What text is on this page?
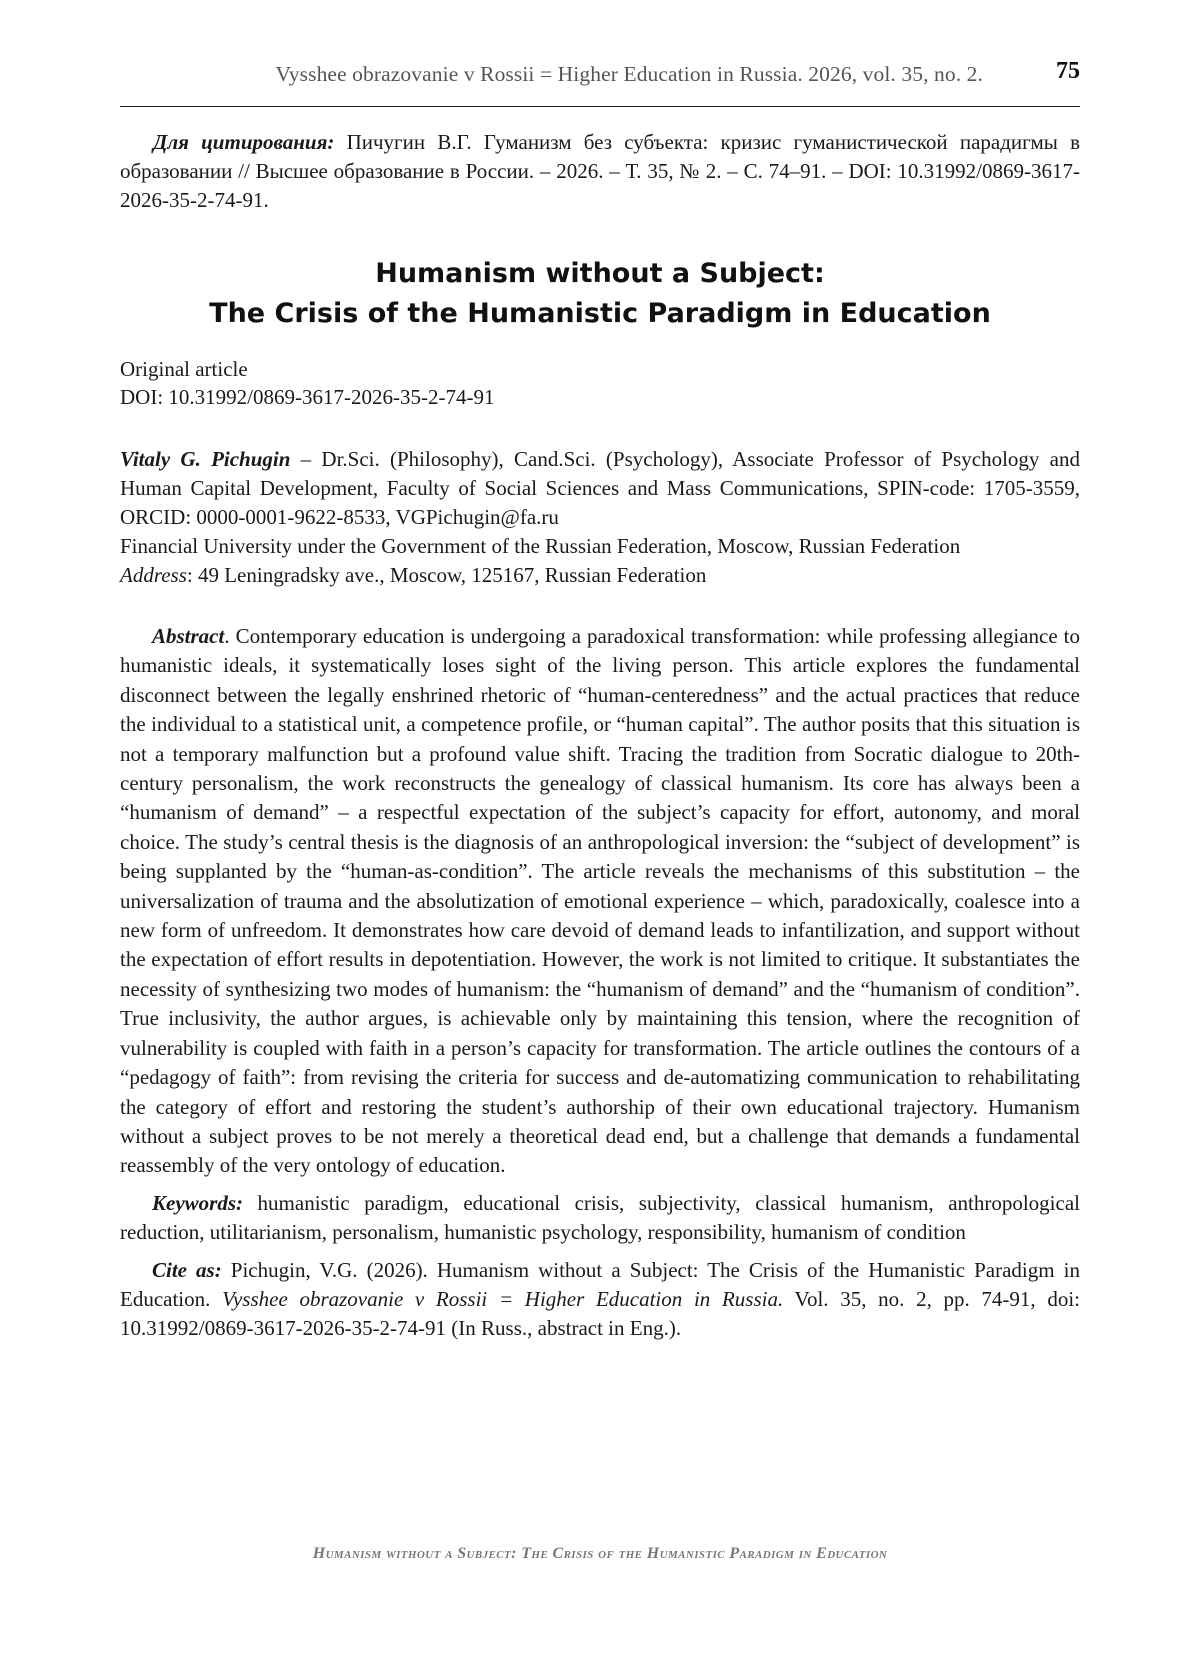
Vysshee obrazovanie v Rossii = Higher Education in Russia. 2026, vol. 35, no. 2.	75

Для цитирования: Пичугин В.Г. Гуманизм без субъекта: кризис гуманистической парадигмы в образовании // Высшее образование в России. – 2026. – Т. 35, № 2. – С. 74–91. – DOI: 10.31992/0869-3617-2026-35-2-74-91.

Humanism without a Subject:
The Crisis of the Humanistic Paradigm in Education
Original article
DOI: 10.31992/0869-3617-2026-35-2-74-91

Vitaly G. Pichugin – Dr.Sci. (Philosophy), Cand.Sci. (Psychology), Associate Professor of Psychology and Human Capital Development, Faculty of Social Sciences and Mass Communications, SPIN-code: 1705-3559, ORCID: 0000-0001-9622-8533, VGPichugin@fa.ru

Financial University under the Government of the Russian Federation, Moscow, Russian Federation

Address: 49 Leningradsky ave., Moscow, 125167, Russian Federation

Abstract. Contemporary education is undergoing a paradoxical transformation: while professing allegiance to humanistic ideals, it systematically loses sight of the living person. This article explores the fundamental disconnect between the legally enshrined rhetoric of “human-centeredness” and the actual practices that reduce the individual to a statistical unit, a competence profile, or “human capital”. The author posits that this situation is not a temporary malfunction but a profound value shift. Tracing the tradition from Socratic dialogue to 20th-century personalism, the work reconstructs the genealogy of classical humanism. Its core has always been a “humanism of demand” – a respectful expectation of the subject’s capacity for effort, autonomy, and moral choice. The study’s central thesis is the diagnosis of an anthropological inversion: the “subject of development” is being supplanted by the “human-as-condition”. The article reveals the mechanisms of this substitution – the universalization of trauma and the absolutization of emotional experience – which, paradoxically, coalesce into a new form of unfreedom. It demonstrates how care devoid of demand leads to infantilization, and support without the expectation of effort results in depotentiation. However, the work is not limited to critique. It substantiates the necessity of synthesizing two modes of humanism: the “humanism of demand” and the “humanism of condition”. True inclusivity, the author argues, is achievable only by maintaining this tension, where the recognition of vulnerability is coupled with faith in a person’s capacity for transformation. The article outlines the contours of a “pedagogy of faith”: from revising the criteria for success and de-automatizing communication to rehabilitating the category of effort and restoring the student’s authorship of their own educational trajectory. Humanism without a subject proves to be not merely a theoretical dead end, but a challenge that demands a fundamental reassembly of the very ontology of education.

Keywords: humanistic paradigm, educational crisis, subjectivity, classical humanism, anthropological reduction, utilitarianism, personalism, humanistic psychology, responsibility, humanism of condition

Cite as: Pichugin, V.G. (2026). Humanism without a Subject: The Crisis of the Humanistic Paradigm in Education. Vysshee obrazovanie v Rossii = Higher Education in Russia. Vol. 35, no. 2, pp. 74-91, doi: 10.31992/0869-3617-2026-35-2-74-91 (In Russ., abstract in Eng.).

Humanism without a Subject: The Crisis of the Humanistic Paradigm in Education
